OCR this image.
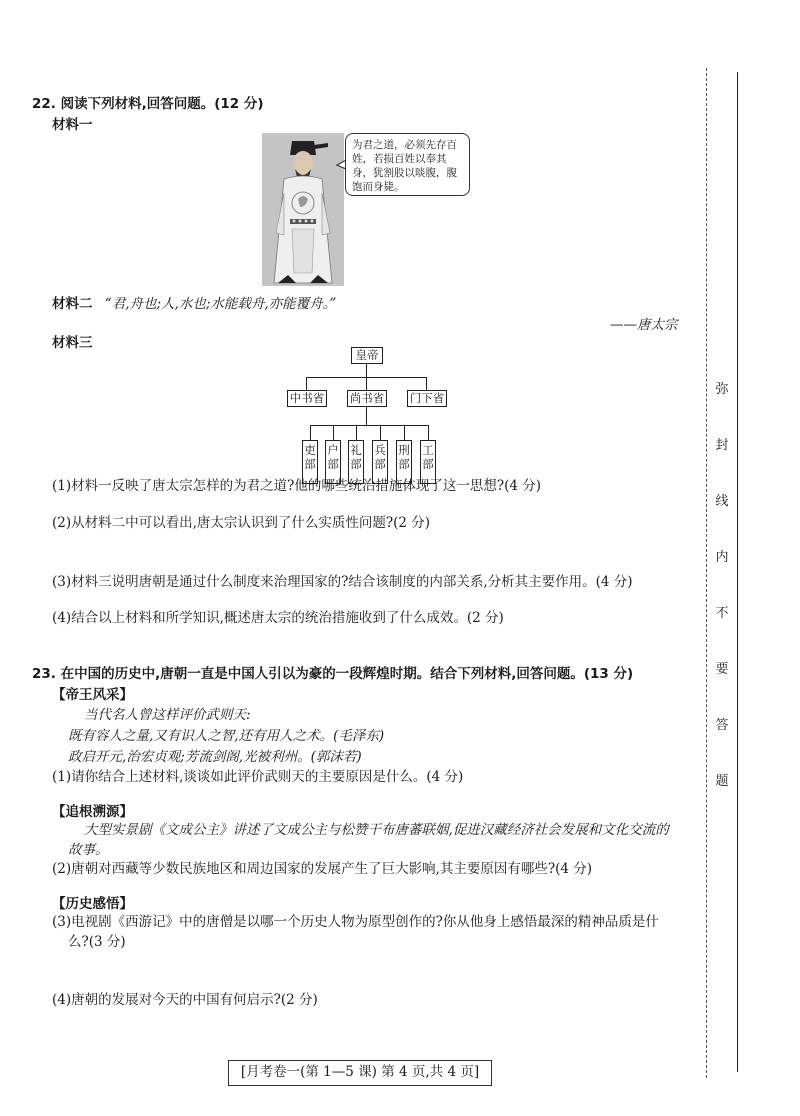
弥
封
线
内
不
要
答
题
22. 阅读下列材料,回答问题。(12 分)
材料一
为君之道，必须先存百姓，若损百姓以奉其身，犹割股以啖腹，腹饱而身毙。
材料二 “君,舟也;人,水也;水能载舟,亦能覆舟。”
——唐太宗
材料三
皇帝
中书省 尚书省 门下省
吏部
户部
礼部
兵部
刑部
工部
(1)材料一反映了唐太宗怎样的为君之道?他的哪些统治措施体现了这一思想?(4 分)
(2)从材料二中可以看出,唐太宗认识到了什么实质性问题?(2 分)
(3)材料三说明唐朝是通过什么制度来治理国家的?结合该制度的内部关系,分析其主要作用。(4 分)
(4)结合以上材料和所学知识,概述唐太宗的统治措施收到了什么成效。(2 分)
23. 在中国的历史中,唐朝一直是中国人引以为豪的一段辉煌时期。结合下列材料,回答问题。(13 分)
【帝王风采】
当代名人曾这样评价武则天:
既有容人之量,又有识人之智,还有用人之术。(毛泽东)
政启开元,治宏贞观;芳流剑阁,光被利州。(郭沫若)
(1)请你结合上述材料,谈谈如此评价武则天的主要原因是什么。(4 分)
【追根溯源】
大型实景剧《文成公主》讲述了文成公主与松赞干布唐蕃联姻,促进汉藏经济社会发展和文化交流的
故事。
(2)唐朝对西藏等少数民族地区和周边国家的发展产生了巨大影响,其主要原因有哪些?(4 分)
【历史感悟】
(3)电视剧《西游记》中的唐僧是以哪一个历史人物为原型创作的?你从他身上感悟最深的精神品质是什
么?(3 分)
(4)唐朝的发展对今天的中国有何启示?(2 分)
[月考卷一(第 1—5 课) 第 4 页,共 4 页]
